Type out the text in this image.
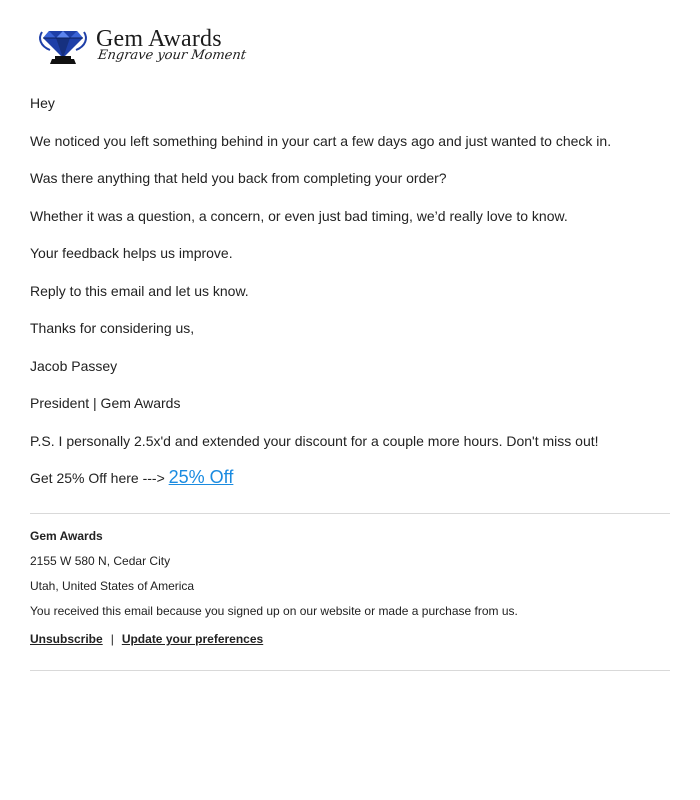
Gem Awards
Engrave your Moment

Hey

We noticed you left something behind in your cart a few days ago and just wanted to check in.

Was there anything that held you back from completing your order?

Whether it was a question, a concern, or even just bad timing, we’d really love to know.

Your feedback helps us improve.

Reply to this email and let us know.

Thanks for considering us,

Jacob Passey

President | Gem Awards

P.S. I personally 2.5x'd and extended your discount for a couple more hours. Don't miss out!

Get 25% Off here ---> 25% Off
Gem Awards
2155 W 580 N, Cedar City
Utah, United States of America
You received this email because you signed up on our website or made a purchase from us.
Unsubscribe | Update your preferences
